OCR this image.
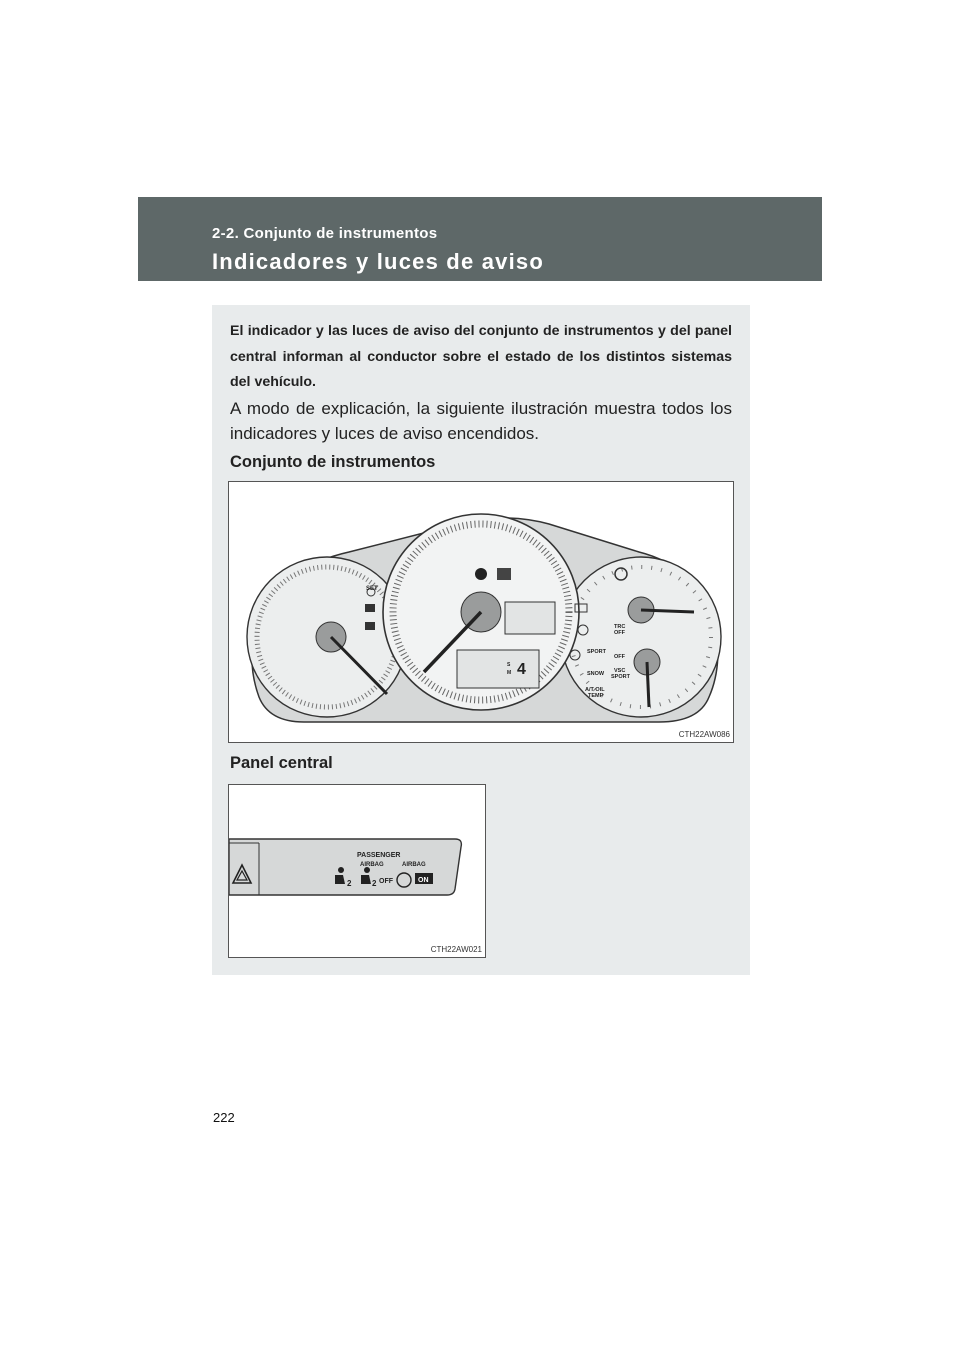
2-2. Conjunto de instrumentos
Indicadores y luces de aviso
El indicador y las luces de aviso del conjunto de instrumentos y del panel central informan al conductor sobre el estado de los distintos sistemas del vehículo.
A modo de explicación, la siguiente ilustración muestra todos los indicadores y luces de aviso encendidos.
Conjunto de instrumentos
SET
TRC
OFF
OFF
SPORT
SNOW VSC
SPORT
A/T OIL
TEMP
4
S
M
CTH22AW086
Panel central
PASSENGER
AIRBAG	AIRBAG
2	2 OFF	ON
CTH22AW021
222
